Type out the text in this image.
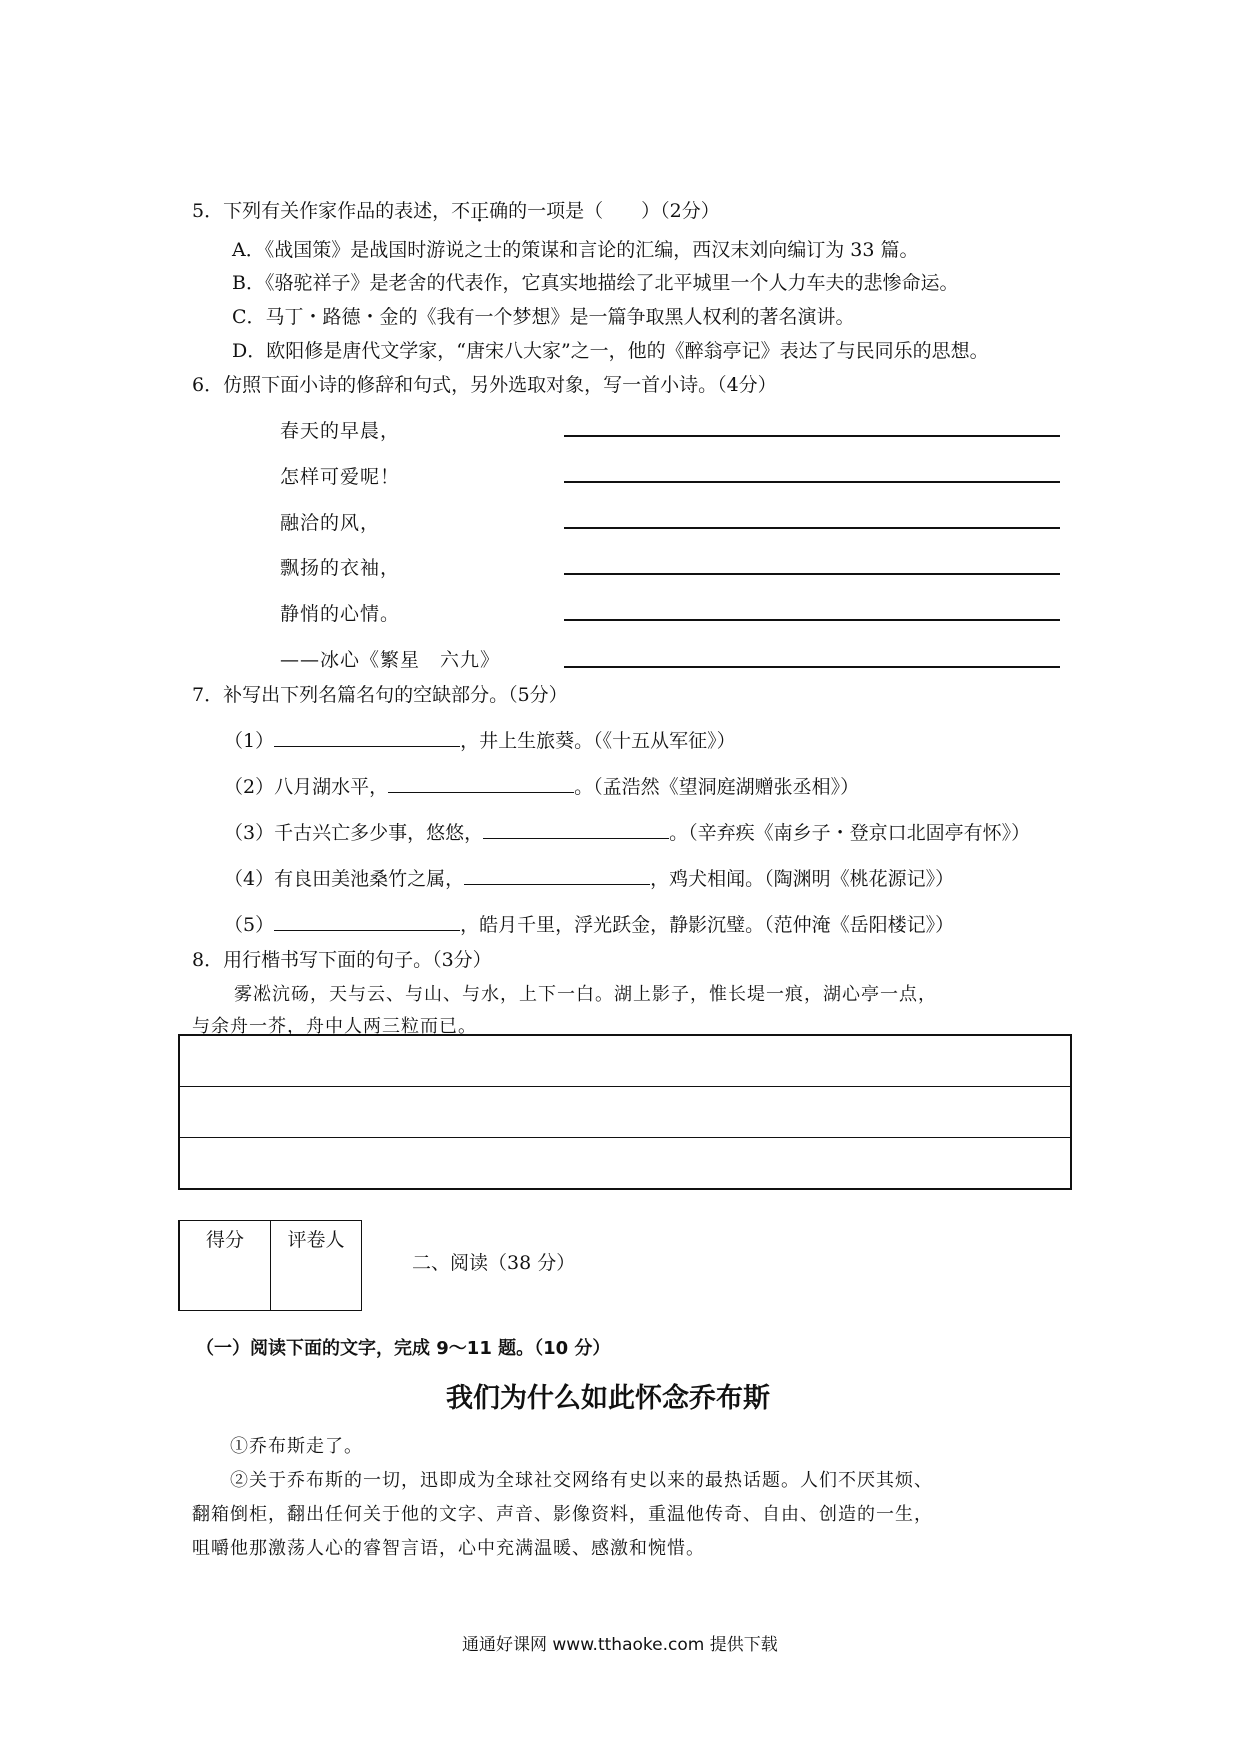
5．下列有关作家作品的表述，不正确的一项是（　　）（2分）
A．《战国策》是战国时游说之士的策谋和言论的汇编，西汉末刘向编订为 33 篇。
B．《骆驼祥子》是老舍的代表作，它真实地描绘了北平城里一个人力车夫的悲惨命运。
C．马丁・路德・金的《我有一个梦想》是一篇争取黑人权利的著名演讲。
D．欧阳修是唐代文学家，“唐宋八大家”之一，他的《醉翁亭记》表达了与民同乐的思想。
6．仿照下面小诗的修辞和句式，另外选取对象，写一首小诗。（4分）
春天的早晨，
怎样可爱呢！
融洽的风，
飘扬的衣袖，
静悄的心情。
——冰心《繁星　六九》
7．补写出下列名篇名句的空缺部分。（5分）
（1）	，井上生旅葵。（《十五从军征》）
（2）八月湖水平，	。（孟浩然《望洞庭湖赠张丞相》）
（3）千古兴亡多少事，悠悠，	。（辛弃疾《南乡子・登京口北固亭有怀》）
（4）有良田美池桑竹之属，	，鸡犬相闻。（陶渊明《桃花源记》）
（5）	，皓月千里，浮光跃金，静影沉璧。（范仲淹《岳阳楼记》）
8．用行楷书写下面的句子。（3分）
雾凇沆砀，天与云、与山、与水，上下一白。湖上影子，惟长堤一痕，湖心亭一点，
与余舟一芥，舟中人两三粒而已。
得分	评卷人
二、阅读（38 分）
（一）阅读下面的文字，完成 9～11 题。（10 分）
我们为什么如此怀念乔布斯
①乔布斯走了。
②关于乔布斯的一切，迅即成为全球社交网络有史以来的最热话题。人们不厌其烦、
翻箱倒柜，翻出任何关于他的文字、声音、影像资料，重温他传奇、自由、创造的一生，
咀嚼他那激荡人心的睿智言语，心中充满温暖、感激和惋惜。
通通好课网 www.tthaoke.com 提供下载
